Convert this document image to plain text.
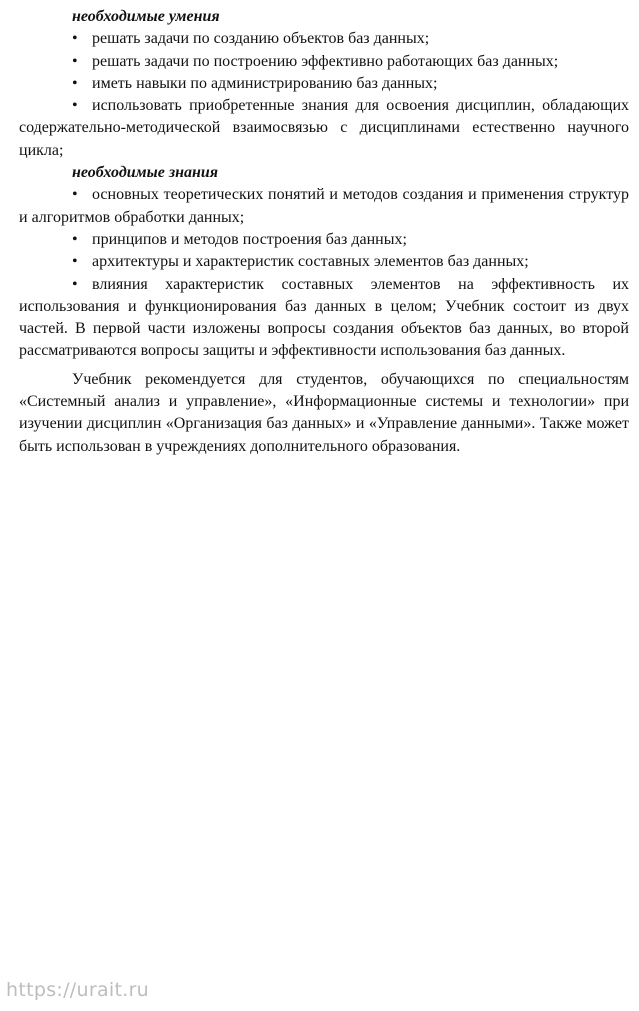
необходимые умения

• решать задачи по созданию объектов баз данных;

• решать задачи по построению эффективно работающих баз данных;

• иметь навыки по администрированию баз данных;

• использовать приобретенные знания для освоения дисциплин, обладающих содержательно-методической взаимосвязью с дисциплинами естественно научного цикла;

необходимые знания

• основных теоретических понятий и методов создания и применения структур и алгоритмов обработки данных;

• принципов и методов построения баз данных;

• архитектуры и характеристик составных элементов баз данных;

• влияния характеристик составных элементов на эффективность их использования и функционирования баз данных в целом; Учебник состоит из двух частей. В первой части изложены вопросы создания объектов баз данных, во второй рассматриваются вопросы защиты и эффективности использования баз данных.

Учебник рекомендуется для студентов, обучающихся по специальностям «Системный анализ и управление», «Информационные системы и технологии» при изучении дисциплин «Организация баз данных» и «Управление данными». Также может быть использован в учреждениях дополнительного образования.

https://urait.ru
